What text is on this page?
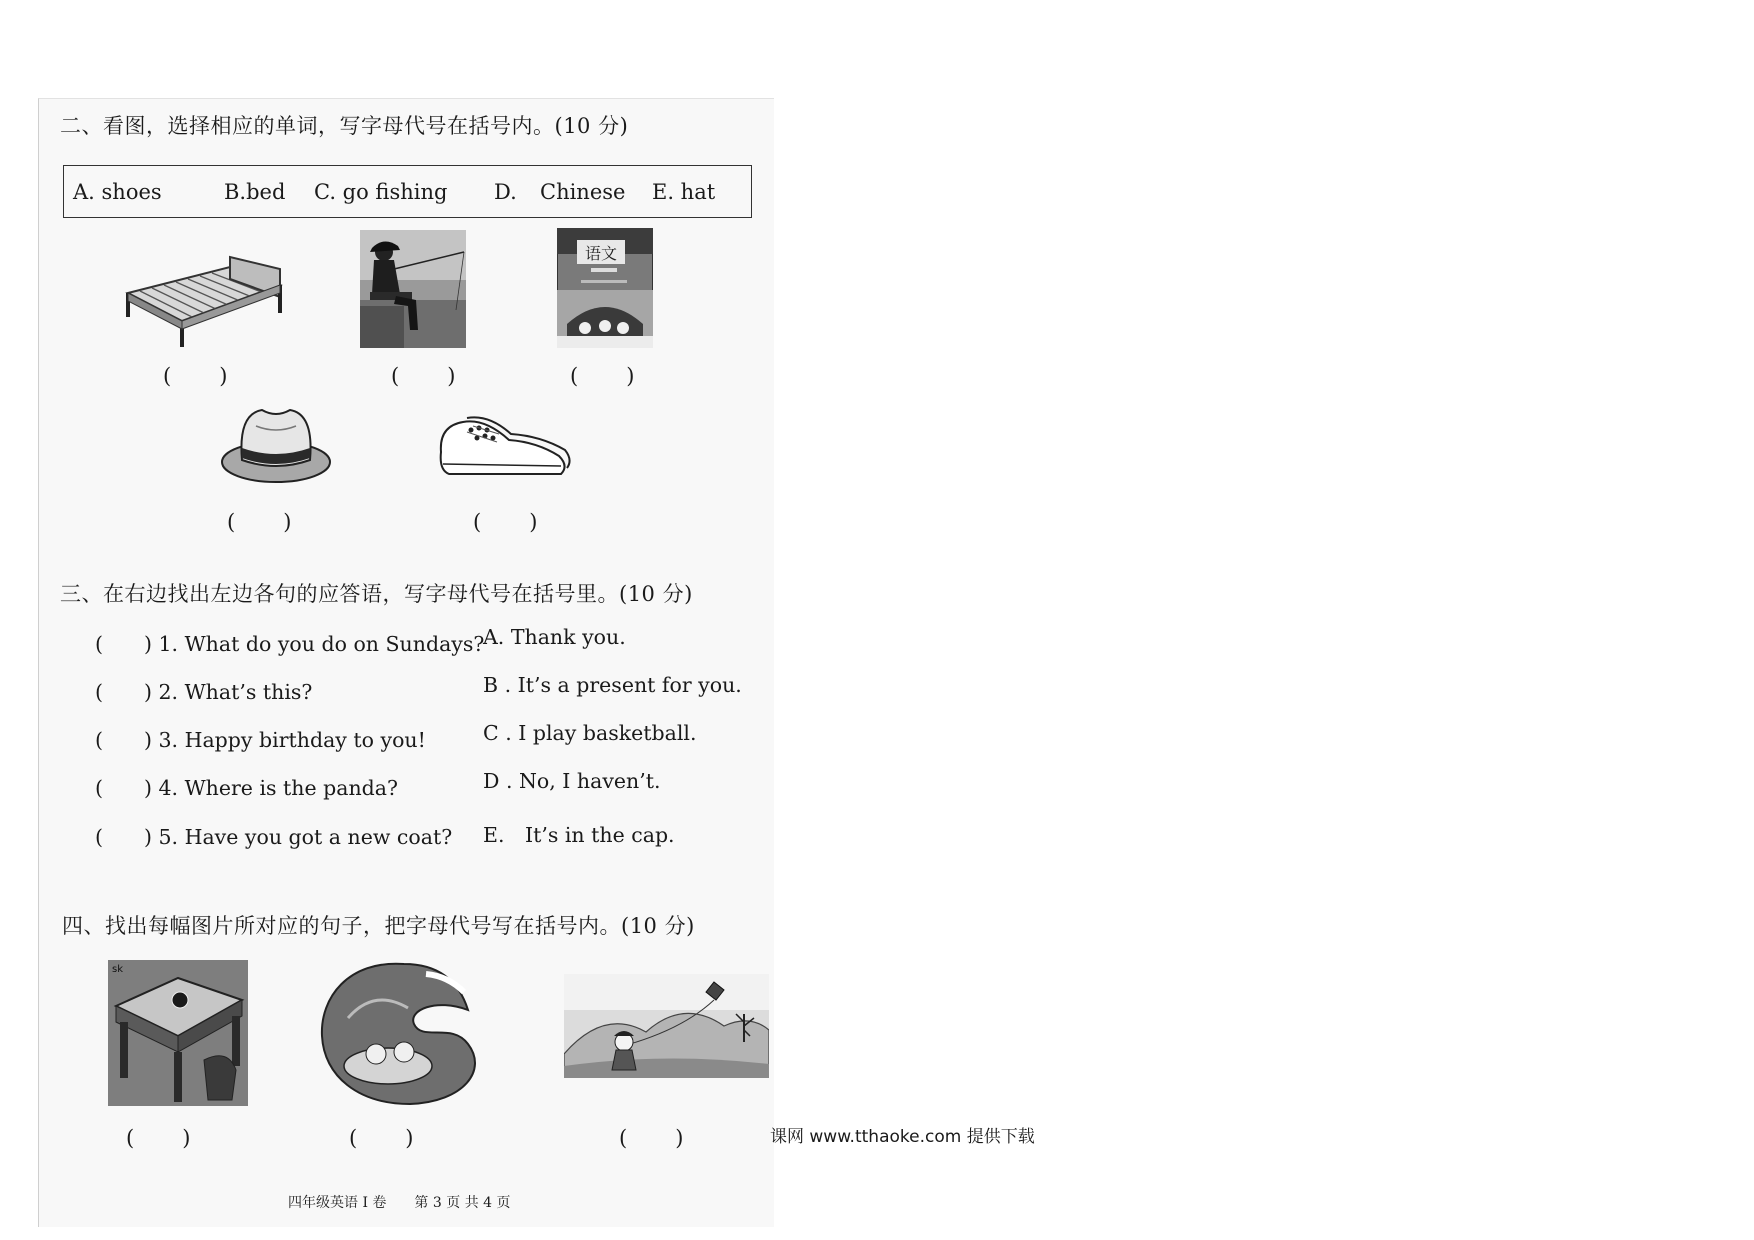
二、看图，选择相应的单词，写字母代号在括号内。(10 分)
A. shoes	B.bed C. go fishing D. Chinese E. hat
语文
(　　)	(　　)	(　　)
(　　)	(　　)
三、在右边找出左边各句的应答语，写字母代号在括号里。(10 分)
(　　) 1. What do you do on Sundays?
(　　) 2. What’s this?
(　　) 3. Happy birthday to you!
(　　) 4. Where is the panda?
(　　) 5. Have you got a new coat?
A. Thank you.
B . It’s a present for you.
C . I play basketball.
D . No, I haven’t.
E.　It’s in the cap.
四、找出每幅图片所对应的句子，把字母代号写在括号内。(10 分)
sk
(　　)	(　　)	(　　)
四年级英语 I 卷　　第 3 页 共 4 页
课网 www.tthaoke.com 提供下载
